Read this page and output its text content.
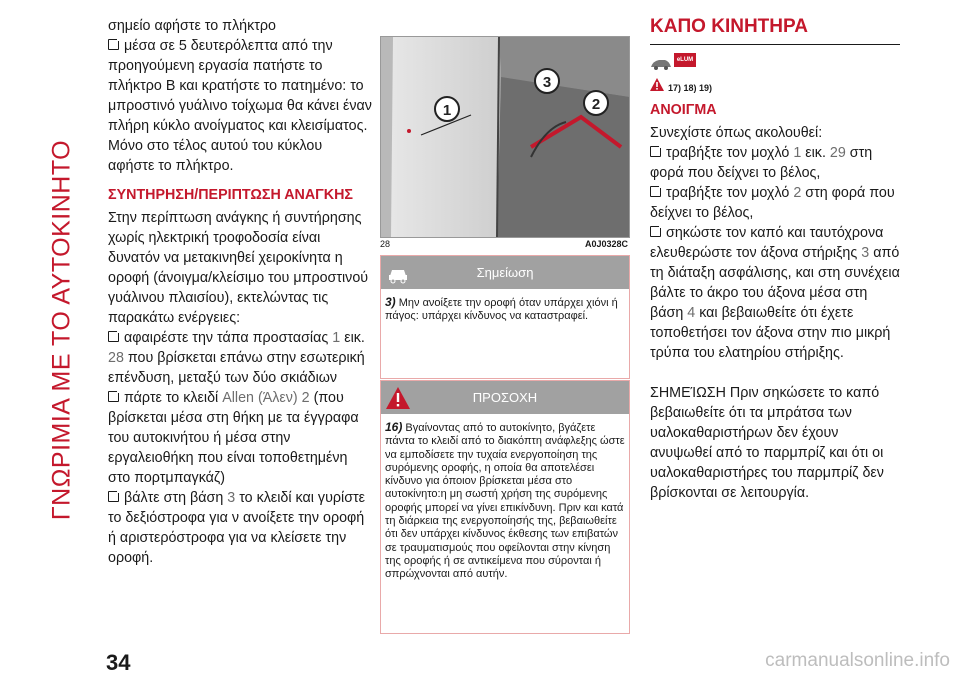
ΓΝΩΡΙΜΙΑ ΜΕ ΤΟ ΑΥΤΟΚΙΝΗΤΟ

σημείο αφήστε το πλήκτρο

μέσα σε 5 δευτερόλεπτα από την προηγούμενη εργασία πατήστε το πλήκτρο B και κρατήστε το πατημένο: το μπροστινό γυάλινο τοίχωμα θα κάνει έναν πλήρη κύκλο ανοίγματος και κλεισίματος. Μόνο στο τέλος αυτού του κύκλου αφήστε το πλήκτρο.

ΣΥΝΤΗΡΗΣΗ/ΠΕΡΙΠΤΩΣΗ ΑΝΑΓΚΗΣ

Στην περίπτωση ανάγκης ή συντήρησης χωρίς ηλεκτρική τροφοδοσία είναι δυνατόν να μετακινηθεί χειροκίνητα η οροφή (άνοιγμα/κλείσιμο του μπροστινού γυάλινου πλαισίου), εκτελώντας τις παρακάτω ενέργειες:

αφαιρέστε την τάπα προστασίας 1 εικ. 28 που βρίσκεται επάνω στην εσωτερική επένδυση, μεταξύ των δύο σκιάδιων

πάρτε το κλειδί Allen (Άλεν) 2 (που βρίσκεται μέσα στη θήκη με τα έγγραφα του αυτοκινήτου ή μέσα στην εργαλειοθήκη που είναι τοποθετημένη στο πορτμπαγκάζ)

βάλτε στη βάση 3 το κλειδί και γυρίστε το δεξιόστροφα για ν ανοίξετε την οροφή ή αριστερόστροφα για να κλείσετε την οροφή.

1
3
2
28	A0J0328C
Σημείωση
3) Μην ανοίξετε την οροφή όταν υπάρχει χιόνι ή πάγος: υπάρχει κίνδυνος να καταστραφεί.
ΠΡΟΣΟΧΗ
16) Βγαίνοντας από το αυτοκίνητο, βγάζετε πάντα το κλειδί από το διακόπτη ανάφλεξης ώστε να εμποδίσετε την τυχαία ενεργοποίηση της συρόμενης οροφής, η οποία θα αποτελέσει κίνδυνο για όποιον βρίσκεται μέσα στο αυτοκίνητο:η μη σωστή χρήση της συρόμενης οροφής μπορεί να γίνει επικίνδυνη. Πριν και κατά τη διάρκεια της ενεργοποίησής της, βεβαιωθείτε ότι δεν υπάρχει κίνδυνος έκθεσης των επιβατών σε τραυματισμούς που οφείλονται στην κίνηση της οροφής ή σε αντικείμενα που σύρονται ή σπρώχνονται από αυτήν.

ΚΑΠΟ ΚΙΝΗΤΗΡΑ

eLUM
17) 18) 19)

ΑΝΟΙΓΜΑ

Συνεχίστε όπως ακολουθεί:

τραβήξτε τον μοχλό 1 εικ. 29 στη φορά που δείχνει το βέλος,

τραβήξτε τον μοχλό 2 στη φορά που δείχνει το βέλος,

σηκώστε τον καπό και ταυτόχρονα ελευθερώστε τον άξονα στήριξης 3 από τη διάταξη ασφάλισης, και στη συνέχεια βάλτε το άκρο του άξονα μέσα στη βάση 4 και βεβαιωθείτε ότι έχετε τοποθετήσει τον άξονα στην πιο μικρή τρύπα του ελατηρίου στήριξης.

ΣΗΜΕΊΩΣΗ Πριν σηκώσετε το καπό βεβαιωθείτε ότι τα μπράτσα των υαλοκαθαριστήρων δεν έχουν ανυψωθεί από το παρμπρίζ και ότι οι υαλοκαθαριστήρες του παρμπρίζ δεν βρίσκονται σε λειτουργία.

34	carmanualsonline.info
